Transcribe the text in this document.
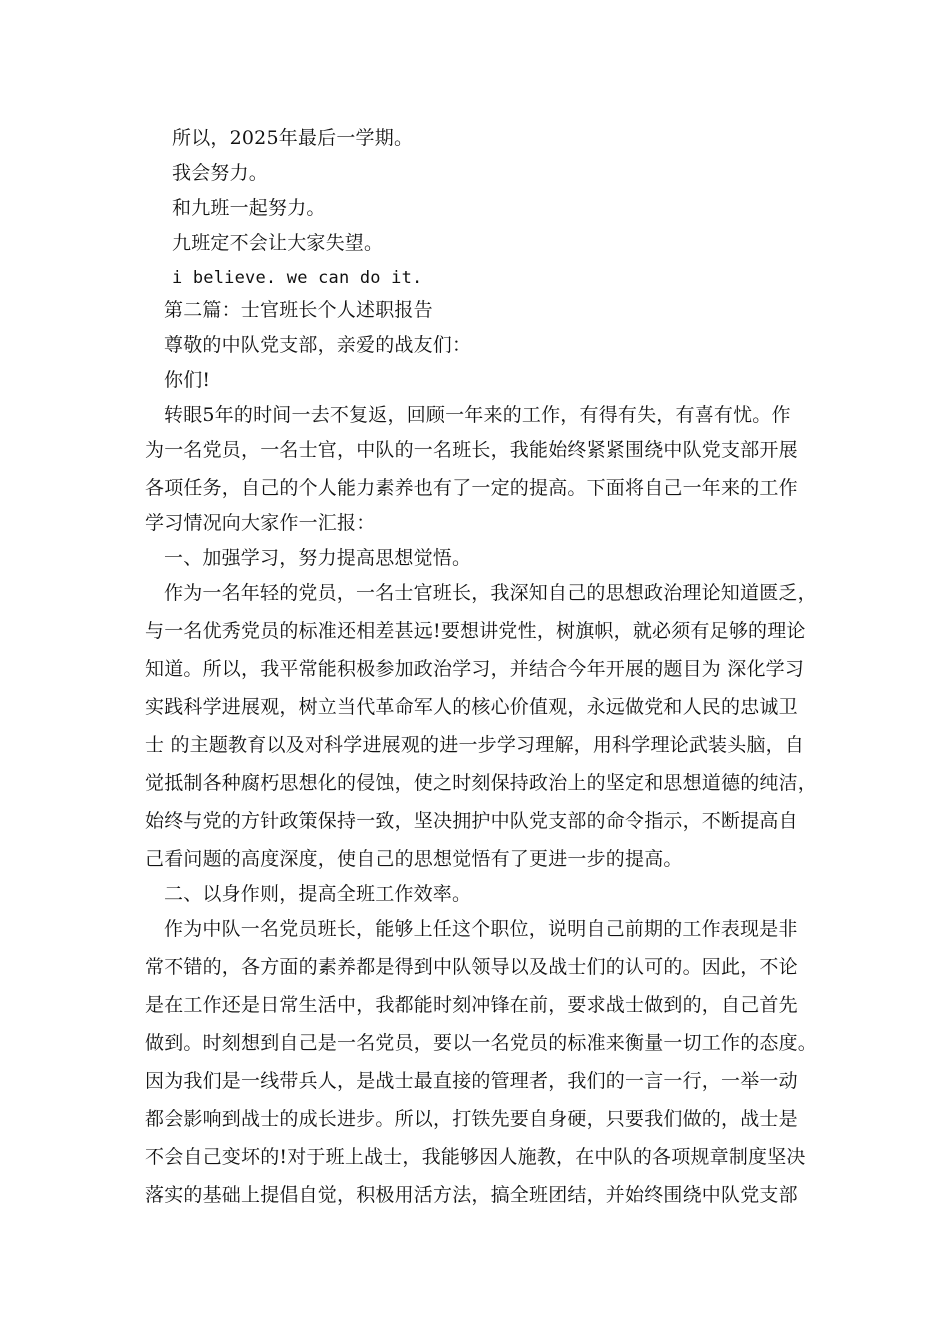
所以，2025年最后一学期。
我会努力。
和九班一起努力。
九班定不会让大家失望。
i believe. we can do it.
第二篇：士官班长个人述职报告
尊敬的中队党支部，亲爱的战友们：
你们!
转眼5年的时间一去不复返，回顾一年来的工作，有得有失，有喜有忧。作
为一名党员，一名士官，中队的一名班长，我能始终紧紧围绕中队党支部开展
各项任务，自己的个人能力素养也有了一定的提高。下面将自己一年来的工作
学习情况向大家作一汇报：
一、加强学习，努力提高思想觉悟。
作为一名年轻的党员，一名士官班长，我深知自己的思想政治理论知道匮乏，
与一名优秀党员的标准还相差甚远!要想讲党性，树旗帜，就必须有足够的理论
知道。所以，我平常能积极参加政治学习，并结合今年开展的题目为 深化学习
实践科学进展观，树立当代革命军人的核心价值观，永远做党和人民的忠诚卫
士 的主题教育以及对科学进展观的进一步学习理解，用科学理论武装头脑，自
觉抵制各种腐朽思想化的侵蚀，使之时刻保持政治上的坚定和思想道德的纯洁，
始终与党的方针政策保持一致，坚决拥护中队党支部的命令指示，不断提高自
己看问题的高度深度，使自己的思想觉悟有了更进一步的提高。
二、以身作则，提高全班工作效率。
作为中队一名党员班长，能够上任这个职位，说明自己前期的工作表现是非
常不错的，各方面的素养都是得到中队领导以及战士们的认可的。因此，不论
是在工作还是日常生活中，我都能时刻冲锋在前，要求战士做到的，自己首先
做到。时刻想到自己是一名党员，要以一名党员的标准来衡量一切工作的态度。
因为我们是一线带兵人，是战士最直接的管理者，我们的一言一行，一举一动
都会影响到战士的成长进步。所以，打铁先要自身硬，只要我们做的，战士是
不会自己变坏的!对于班上战士，我能够因人施教，在中队的各项规章制度坚决
落实的基础上提倡自觉，积极用活方法，搞全班团结，并始终围绕中队党支部
